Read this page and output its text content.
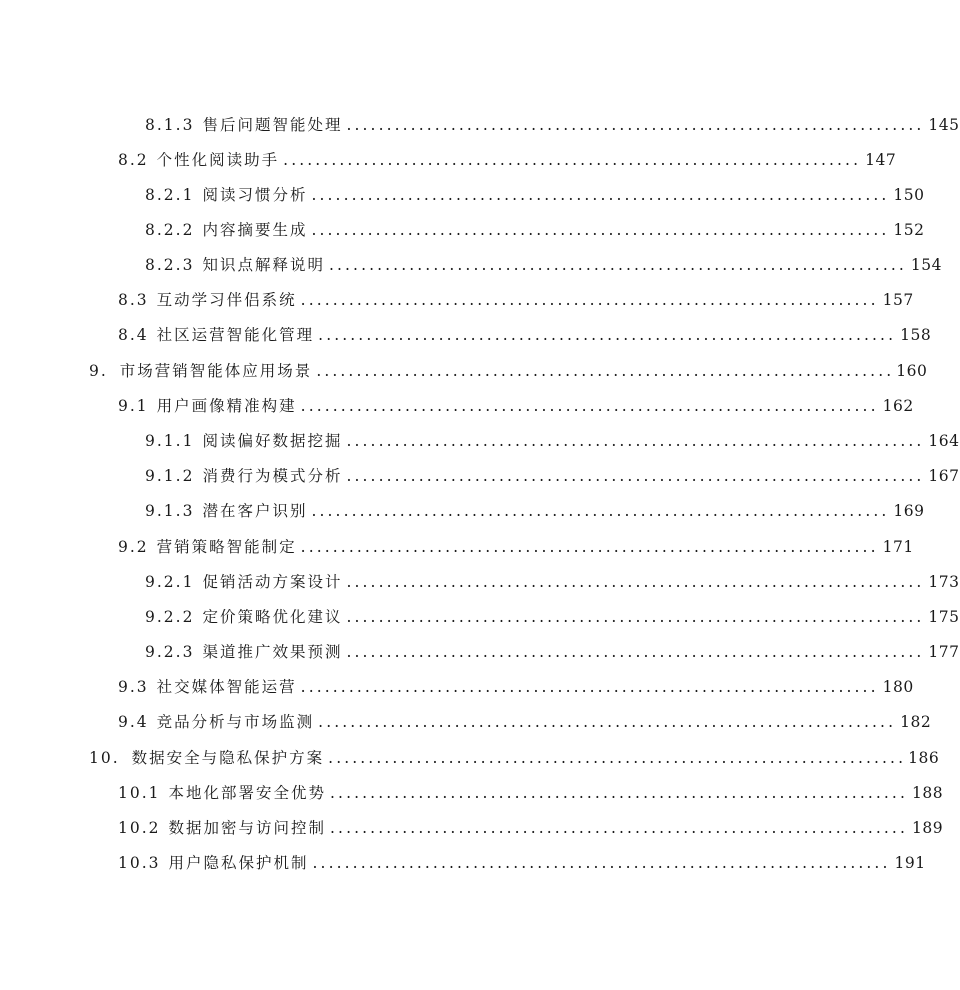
8.1.3 售后问题智能处理 ........................................................................ 145
8.2 个性化阅读助手 ........................................................................ 147
8.2.1 阅读习惯分析 ........................................................................ 150
8.2.2 内容摘要生成 ........................................................................ 152
8.2.3 知识点解释说明 ........................................................................ 154
8.3 互动学习伴侣系统 ........................................................................ 157
8.4 社区运营智能化管理 ........................................................................ 158
9. 市场营销智能体应用场景 ........................................................................ 160
9.1 用户画像精准构建 ........................................................................ 162
9.1.1 阅读偏好数据挖掘 ........................................................................ 164
9.1.2 消费行为模式分析 ........................................................................ 167
9.1.3 潜在客户识别 ........................................................................ 169
9.2 营销策略智能制定 ........................................................................ 171
9.2.1 促销活动方案设计 ........................................................................ 173
9.2.2 定价策略优化建议 ........................................................................ 175
9.2.3 渠道推广效果预测 ........................................................................ 177
9.3 社交媒体智能运营 ........................................................................ 180
9.4 竞品分析与市场监测 ........................................................................ 182
10. 数据安全与隐私保护方案 ........................................................................ 186
10.1 本地化部署安全优势 ........................................................................ 188
10.2 数据加密与访问控制 ........................................................................ 189
10.3 用户隐私保护机制 ........................................................................ 191
